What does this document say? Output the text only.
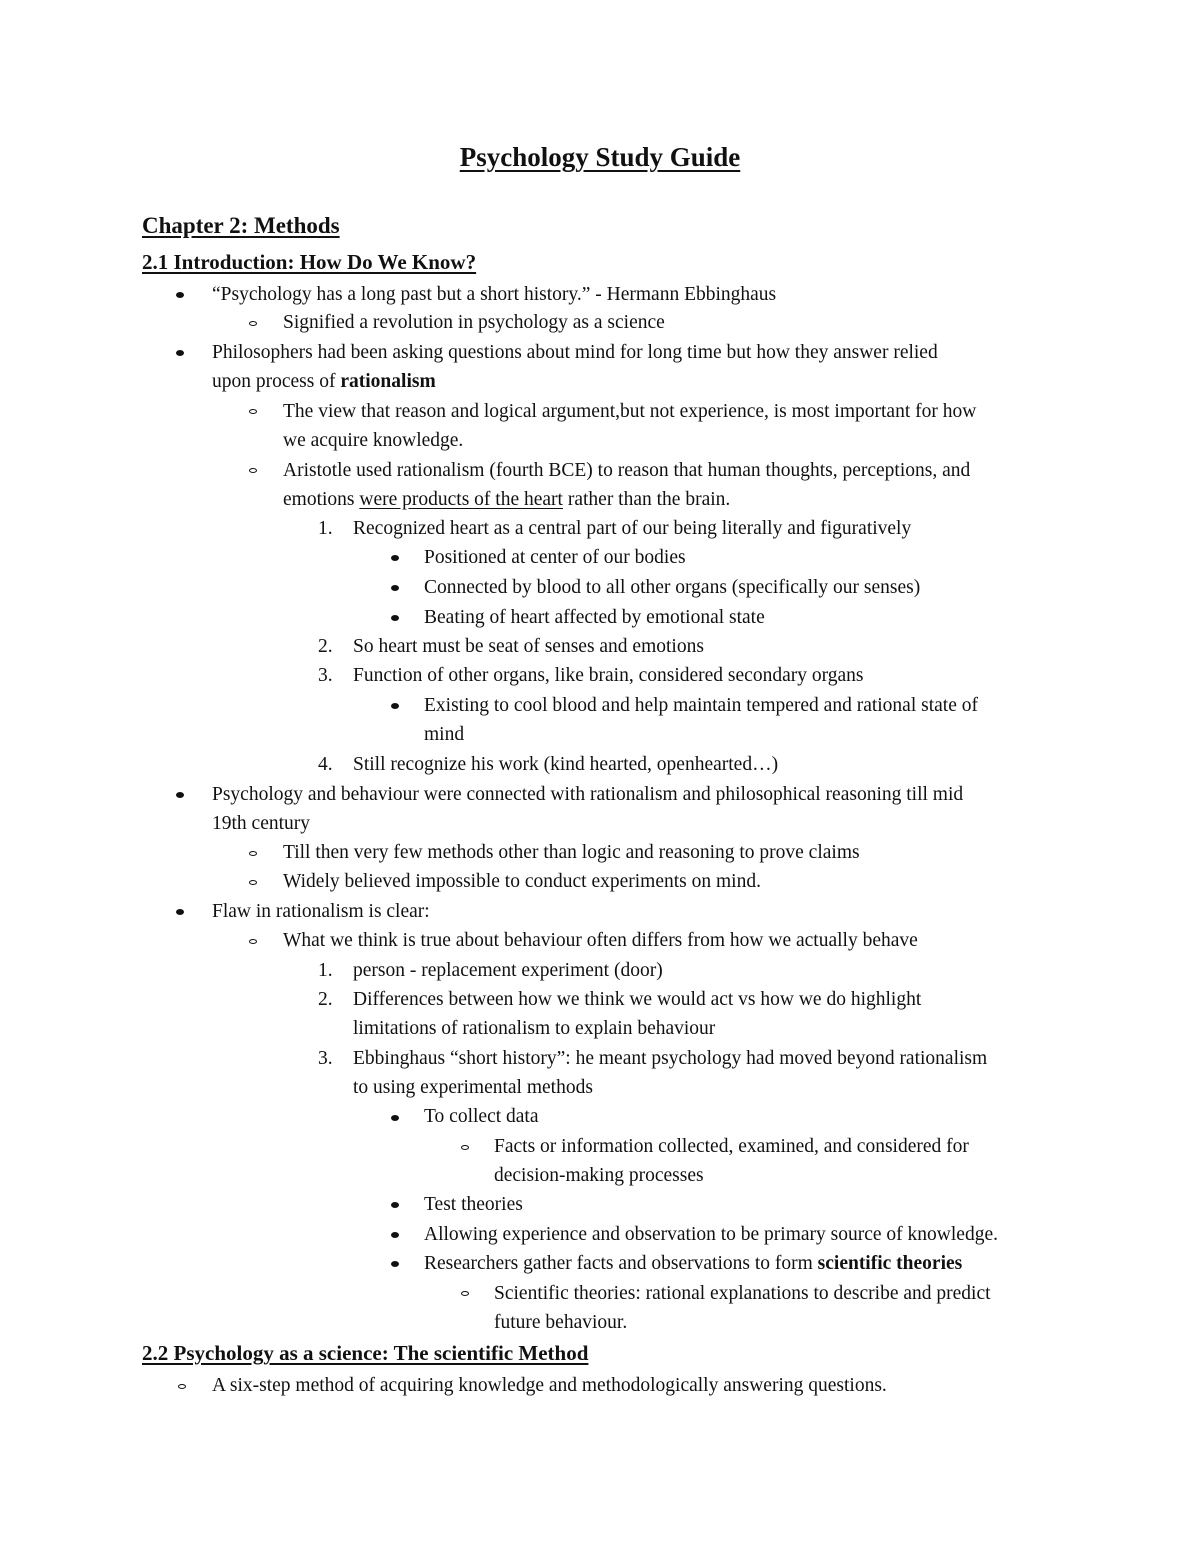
Psychology Study Guide
Chapter 2: Methods
2.1 Introduction: How Do We Know?
“Psychology has a long past but a short history.” - Hermann Ebbinghaus
Signified a revolution in psychology as a science
Philosophers had been asking questions about mind for long time but how they answer relied
upon process of rationalism
The view that reason and logical argument,but not experience, is most important for how
we acquire knowledge.
Aristotle used rationalism (fourth BCE) to reason that human thoughts, perceptions, and
emotions were products of the heart rather than the brain.
1. Recognized heart as a central part of our being literally and figuratively
Positioned at center of our bodies
Connected by blood to all other organs (specifically our senses)
Beating of heart affected by emotional state
2. So heart must be seat of senses and emotions
3. Function of other organs, like brain, considered secondary organs
Existing to cool blood and help maintain tempered and rational state of
mind
4. Still recognize his work (kind hearted, openhearted…)
Psychology and behaviour were connected with rationalism and philosophical reasoning till mid
19th century
Till then very few methods other than logic and reasoning to prove claims
Widely believed impossible to conduct experiments on mind.
Flaw in rationalism is clear:
What we think is true about behaviour often differs from how we actually behave
1. person - replacement experiment (door)
2. Differences between how we think we would act vs how we do highlight
limitations of rationalism to explain behaviour
3. Ebbinghaus “short history”: he meant psychology had moved beyond rationalism
to using experimental methods
To collect data
Facts or information collected, examined, and considered for
decision-making processes
Test theories
Allowing experience and observation to be primary source of knowledge.
Researchers gather facts and observations to form scientific theories
Scientific theories: rational explanations to describe and predict
future behaviour.
2.2 Psychology as a science: The scientific Method
A six-step method of acquiring knowledge and methodologically answering questions.
